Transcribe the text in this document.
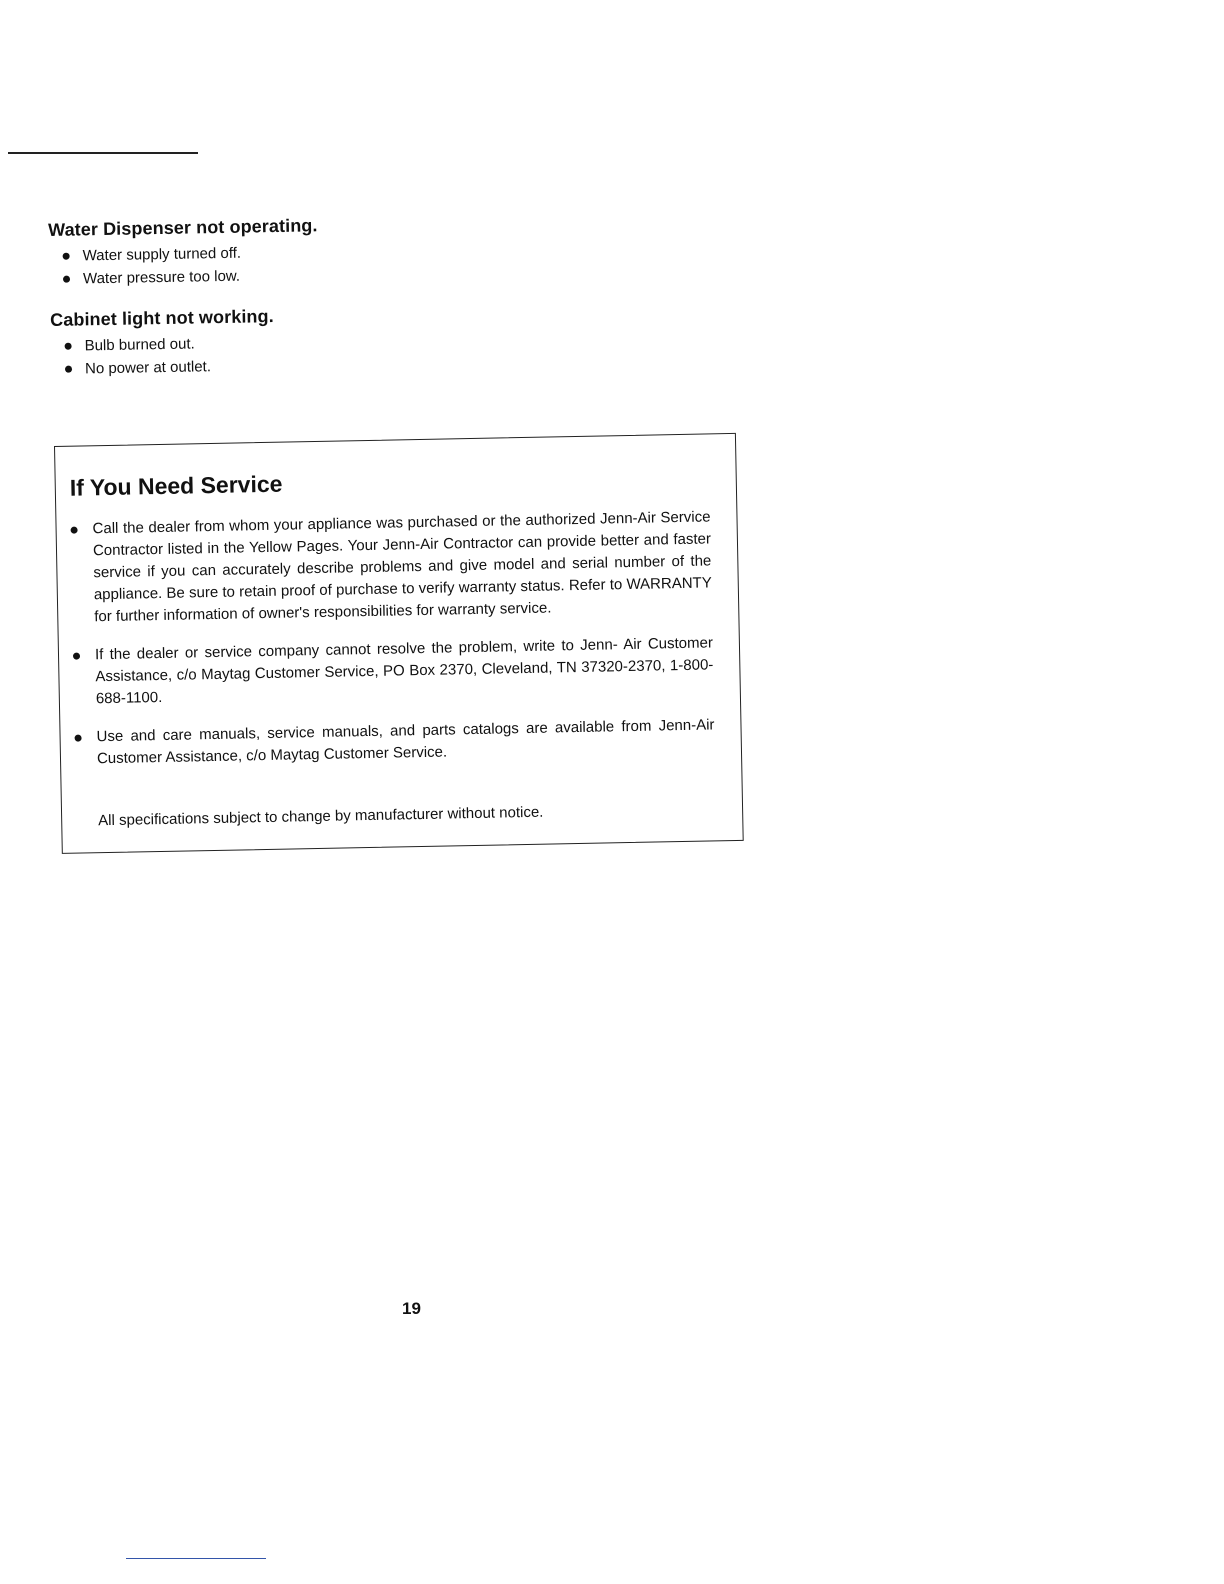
Water Dispenser not operating.
Water supply turned off.
Water pressure too low.
Cabinet light not working.
Bulb burned out.
No power at outlet.
If You Need Service
Call the dealer from whom your appliance was purchased or the authorized Jenn-Air Service Contractor listed in the Yellow Pages. Your Jenn-Air Contractor can provide better and faster service if you can accurately describe problems and give model and serial number of the appliance. Be sure to retain proof of purchase to verify warranty status. Refer to WARRANTY for further information of owner's responsibilities for warranty service.
If the dealer or service company cannot resolve the problem, write to Jenn- Air Customer Assistance, c/o Maytag Customer Service, PO Box 2370, Cleveland, TN 37320-2370, 1-800-688-1100.
Use and care manuals, service manuals, and parts catalogs are available from Jenn-Air Customer Assistance, c/o Maytag Customer Service.

All specifications subject to change by manufacturer without notice.

19
